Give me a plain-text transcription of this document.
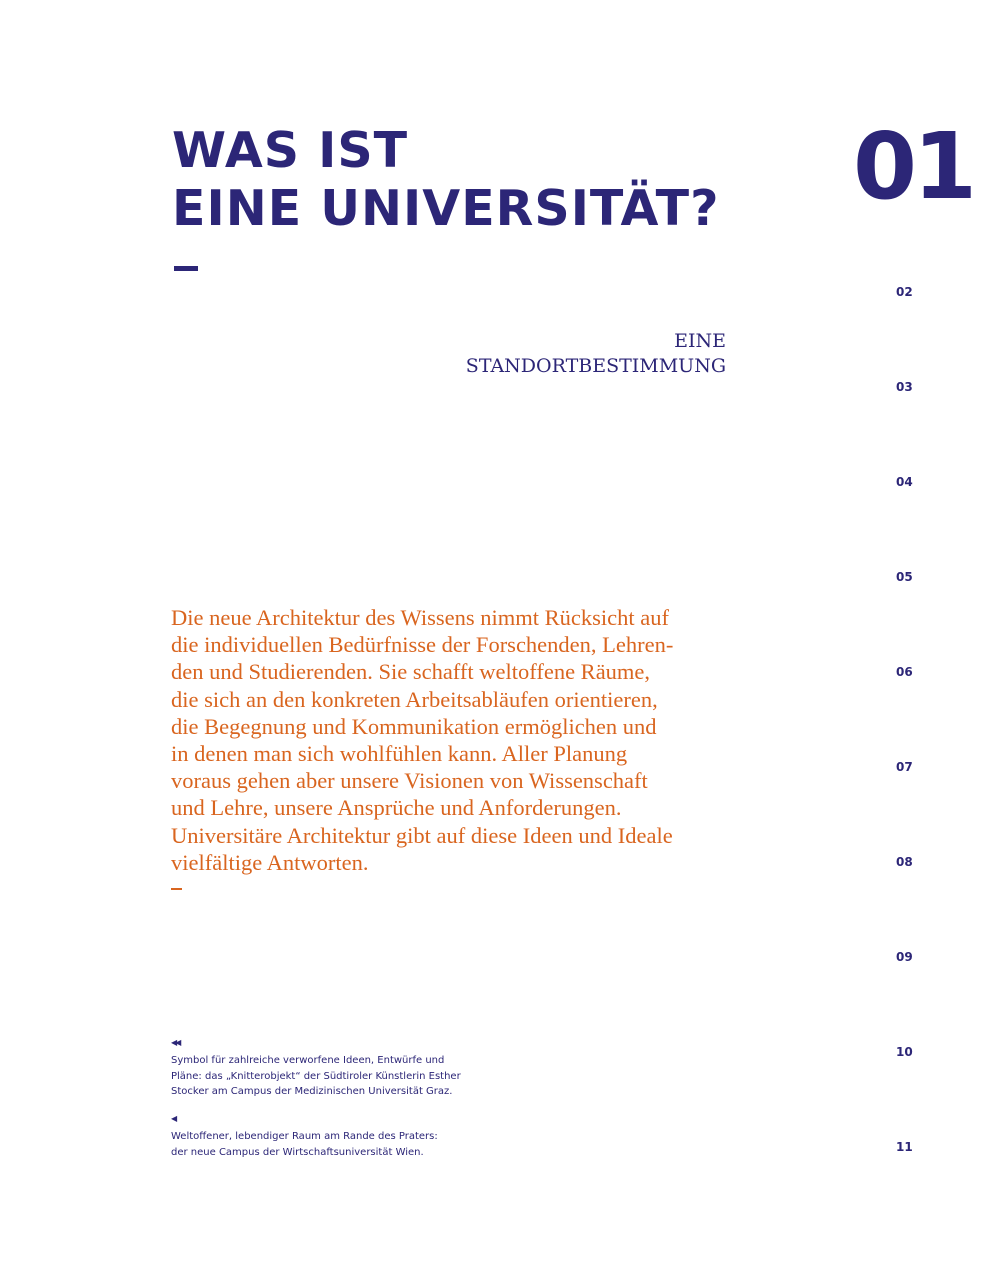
WAS IST
EINE UNIVERSITÄT? 01
EINE
STANDORTBESTIMMUNG
Die neue Architektur des Wissens nimmt Rücksicht auf
die individuellen Bedürfnisse der Forschenden, Lehren-
den und Studierenden. Sie schafft weltoffene Räume,
die sich an den konkreten Arbeitsabläufen orientieren,
die Begegnung und Kommunikation ermöglichen und
in denen man sich wohlfühlen kann. Aller Planung
voraus gehen aber unsere Visionen von Wissenschaft
und Lehre, unsere Ansprüche und Anforderungen.
Universitäre Architektur gibt auf diese Ideen und Ideale
vielfältige Antworten.
◀◀
Symbol für zahlreiche verworfene Ideen, Entwürfe und
Pläne: das „Knitterobjekt“ der Südtiroler Künstlerin Esther
Stocker am Campus der Medizinischen Universität Graz.
◀
Weltoffener, lebendiger Raum am Rande des Praters:
der neue Campus der Wirtschaftsuniversität Wien.
02
03
04
05
06
07
08
09
10
11
